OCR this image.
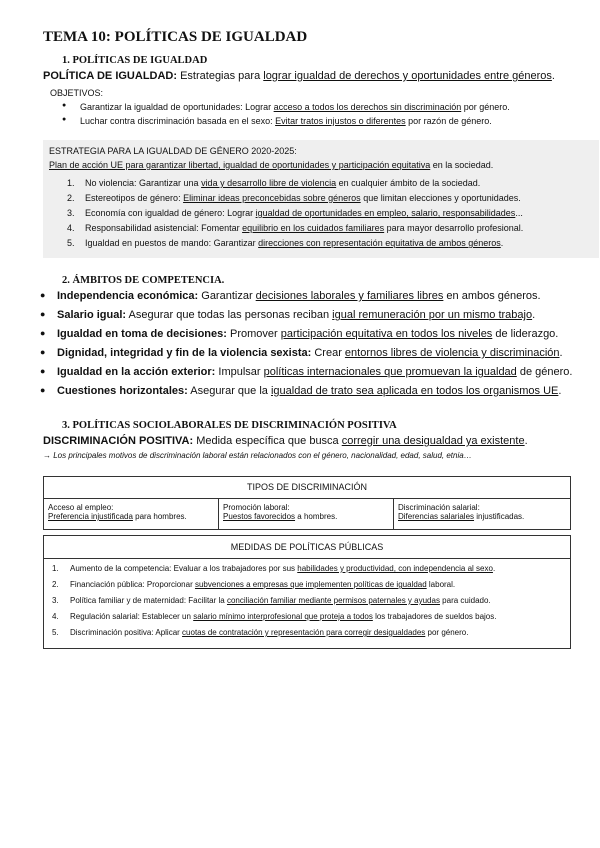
TEMA 10: POLÍTICAS DE IGUALDAD
1. POLÍTICAS DE IGUALDAD
POLÍTICA DE IGUALDAD: Estrategias para lograr igualdad de derechos y oportunidades entre géneros.
OBJETIVOS:
● Garantizar la igualdad de oportunidades: Lograr acceso a todos los derechos sin discriminación por género.
● Luchar contra discriminación basada en el sexo: Evitar tratos injustos o diferentes por razón de género.
ESTRATEGIA PARA LA IGUALDAD DE GÉNERO 2020-2025:
Plan de acción UE para garantizar libertad, igualdad de oportunidades y participación equitativa en la sociedad.
1. No violencia: Garantizar una vida y desarrollo libre de violencia en cualquier ámbito de la sociedad.
2. Estereotipos de género: Eliminar ideas preconcebidas sobre géneros que limitan elecciones y oportunidades.
3. Economía con igualdad de género: Lograr igualdad de oportunidades en empleo, salario, responsabilidades...
4. Responsabilidad asistencial: Fomentar equilibrio en los cuidados familiares para mayor desarrollo profesional.
5. Igualdad en puestos de mando: Garantizar direcciones con representación equitativa de ambos géneros.
2. ÁMBITOS DE COMPETENCIA.
● Independencia económica: Garantizar decisiones laborales y familiares libres en ambos géneros.
● Salario igual: Asegurar que todas las personas reciban igual remuneración por un mismo trabajo.
● Igualdad en toma de decisiones: Promover participación equitativa en todos los niveles de liderazgo.
● Dignidad, integridad y fin de la violencia sexista: Crear entornos libres de violencia y discriminación.
● Igualdad en la acción exterior: Impulsar políticas internacionales que promuevan la igualdad de género.
● Cuestiones horizontales: Asegurar que la igualdad de trato sea aplicada en todos los organismos UE.
3. POLÍTICAS SOCIOLABORALES DE DISCRIMINACIÓN POSITIVA
DISCRIMINACIÓN POSITIVA: Medida específica que busca corregir una desigualdad ya existente.
→ Los principales motivos de discriminación laboral están relacionados con el género, nacionalidad, edad, salud, etnia…
TIPOS DE DISCRIMINACIÓN
Acceso al empleo:
Preferencia injustificada para hombres.
Promoción laboral:
Puestos favorecidos a hombres.
Discriminación salarial:
Diferencias salariales injustificadas.
MEDIDAS DE POLÍTICAS PÚBLICAS
1. Aumento de la competencia: Evaluar a los trabajadores por sus habilidades y productividad, con independencia al sexo.
2. Financiación pública: Proporcionar subvenciones a empresas que implementen políticas de igualdad laboral.
3. Política familiar y de maternidad: Facilitar la conciliación familiar mediante permisos paternales y ayudas para cuidado.
4. Regulación salarial: Establecer un salario mínimo interprofesional que proteja a todos los trabajadores de sueldos bajos.
5. Discriminación positiva: Aplicar cuotas de contratación y representación para corregir desigualdades por género.
